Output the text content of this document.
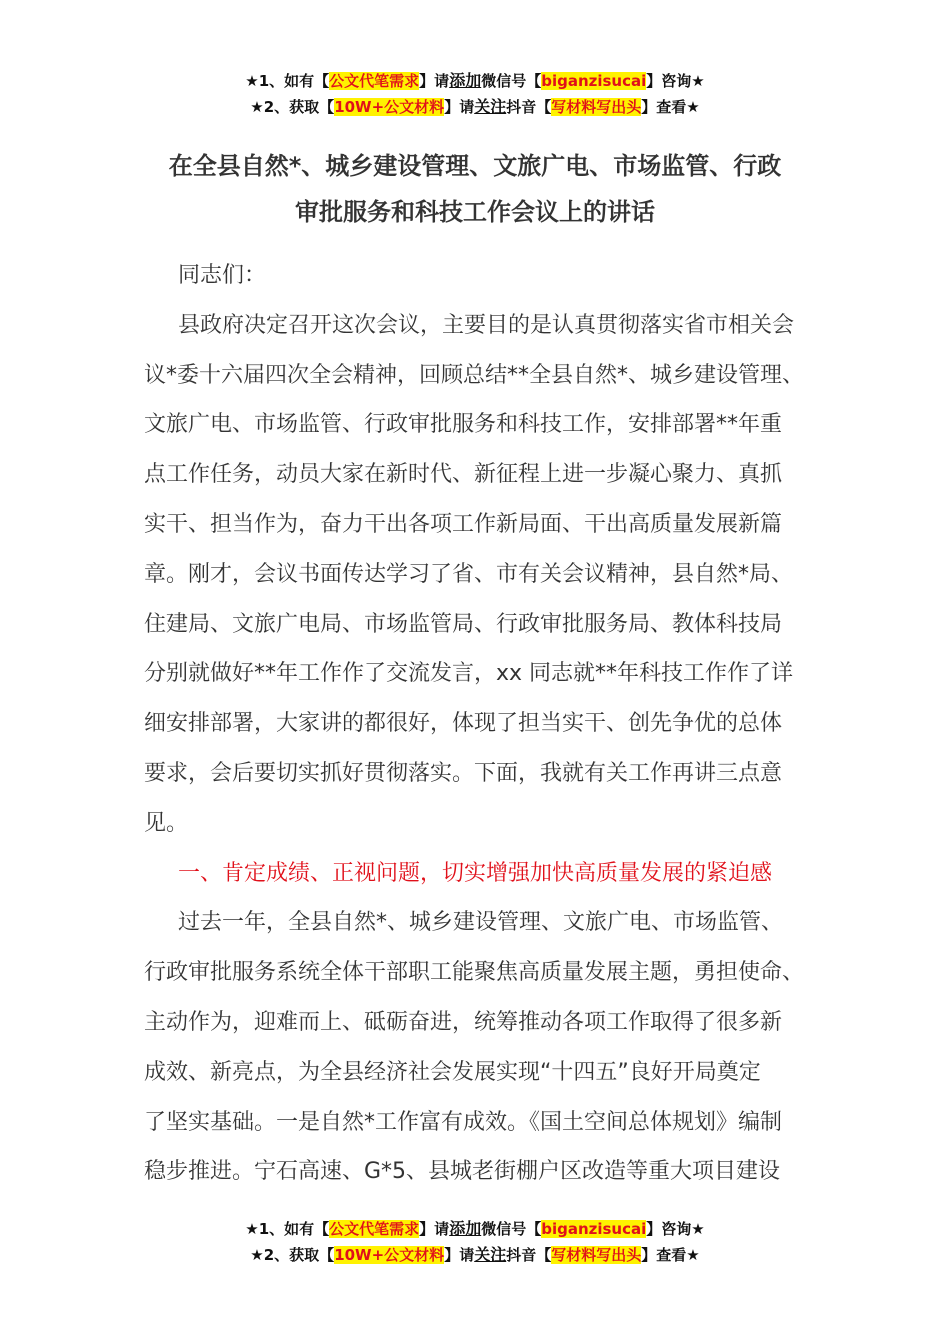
★1、如有【公文代笔需求】请添加微信号【biganzisucai】咨询★
★2、获取【10W+公文材料】请关注抖音【写材料写出头】查看★
在全县自然*、城乡建设管理、文旅广电、市场监管、行政
审批服务和科技工作会议上的讲话
同志们：
县政府决定召开这次会议，主要目的是认真贯彻落实省市相关会
议*委十六届四次全会精神，回顾总结**全县自然*、城乡建设管理、
文旅广电、市场监管、行政审批服务和科技工作，安排部署**年重
点工作任务，动员大家在新时代、新征程上进一步凝心聚力、真抓
实干、担当作为，奋力干出各项工作新局面、干出高质量发展新篇
章。刚才，会议书面传达学习了省、市有关会议精神，县自然*局、
住建局、文旅广电局、市场监管局、行政审批服务局、教体科技局
分别就做好**年工作作了交流发言，xx 同志就**年科技工作作了详
细安排部署，大家讲的都很好，体现了担当实干、创先争优的总体
要求，会后要切实抓好贯彻落实。下面，我就有关工作再讲三点意
见。
一、肯定成绩、正视问题，切实增强加快高质量发展的紧迫感
过去一年，全县自然*、城乡建设管理、文旅广电、市场监管、
行政审批服务系统全体干部职工能聚焦高质量发展主题，勇担使命、
主动作为，迎难而上、砥砺奋进，统筹推动各项工作取得了很多新
成效、新亮点，为全县经济社会发展实现“十四五”良好开局奠定
了坚实基础。一是自然*工作富有成效。《国土空间总体规划》编制
稳步推进。宁石高速、G*5、县城老街棚户区改造等重大项目建设
★1、如有【公文代笔需求】请添加微信号【biganzisucai】咨询★
★2、获取【10W+公文材料】请关注抖音【写材料写出头】查看★
